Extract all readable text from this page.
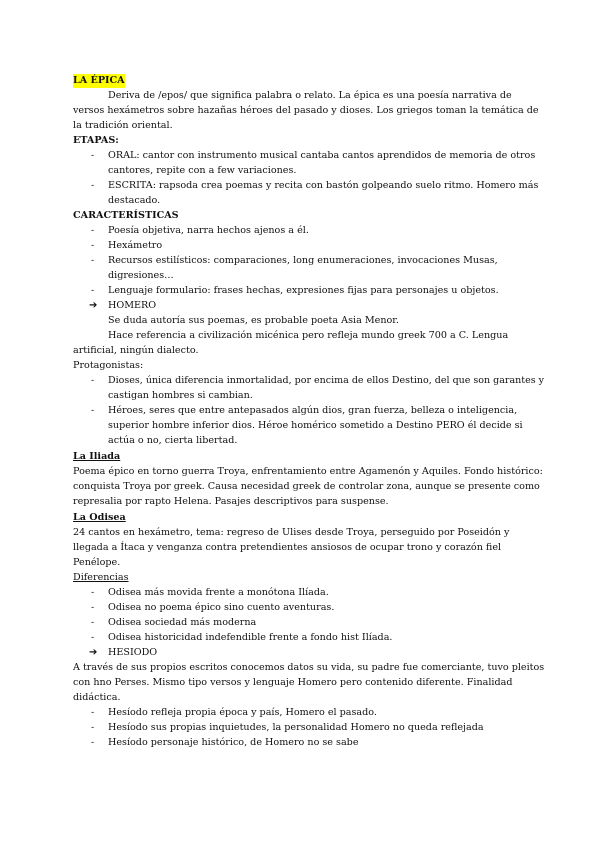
LA ÉPICA
Deriva de /epos/ que significa palabra o relato. La épica es una poesía narrativa de
versos hexámetros sobre hazañas héroes del pasado y dioses. Los griegos toman la temática de
la tradición oriental.
ETAPAS:
- ORAL: cantor con instrumento musical cantaba cantos aprendidos de memoria de otros
cantores, repite con a few variaciones.
- ESCRITA: rapsoda crea poemas y recita con bastón golpeando suelo ritmo. Homero más
destacado.
CARACTERÍSTICAS
- Poesía objetiva, narra hechos ajenos a él.
- Hexámetro
- Recursos estilísticos: comparaciones, long enumeraciones, invocaciones Musas,
digresiones…
- Lenguaje formulario: frases hechas, expresiones fijas para personajes u objetos.
➔ HOMERO
Se duda autoría sus poemas, es probable poeta Asia Menor.
Hace referencia a civilización micénica pero refleja mundo greek 700 a C. Lengua
artificial, ningún dialecto.
Protagonistas:
- Dioses, única diferencia inmortalidad, por encima de ellos Destino, del que son garantes y
castigan hombres si cambian.
- Héroes, seres que entre antepasados algún dios, gran fuerza, belleza o inteligencia,
superior hombre inferior dios. Héroe homérico sometido a Destino PERO él decide si
actúa o no, cierta libertad.
La Iliada
Poema épico en torno guerra Troya, enfrentamiento entre Agamenón y Aquiles. Fondo histórico:
conquista Troya por greek. Causa necesidad greek de controlar zona, aunque se presente como
represalia por rapto Helena. Pasajes descriptivos para suspense.
La Odisea
24 cantos en hexámetro, tema: regreso de Ulises desde Troya, perseguido por Poseidón y
llegada a Ítaca y venganza contra pretendientes ansiosos de ocupar trono y corazón fiel
Penélope.
Diferencias
- Odisea más movida frente a monótona Ilíada.
- Odisea no poema épico sino cuento aventuras.
- Odisea sociedad más moderna
- Odisea historicidad indefendible frente a fondo hist Ilíada.
➔ HESIODO
A través de sus propios escritos conocemos datos su vida, su padre fue comerciante, tuvo pleitos
con hno Perses. Mismo tipo versos y lenguaje Homero pero contenido diferente. Finalidad
didáctica.
- Hesíodo refleja propia época y país, Homero el pasado.
- Hesíodo sus propias inquietudes, la personalidad Homero no queda reflejada
- Hesíodo personaje histórico, de Homero no se sabe
